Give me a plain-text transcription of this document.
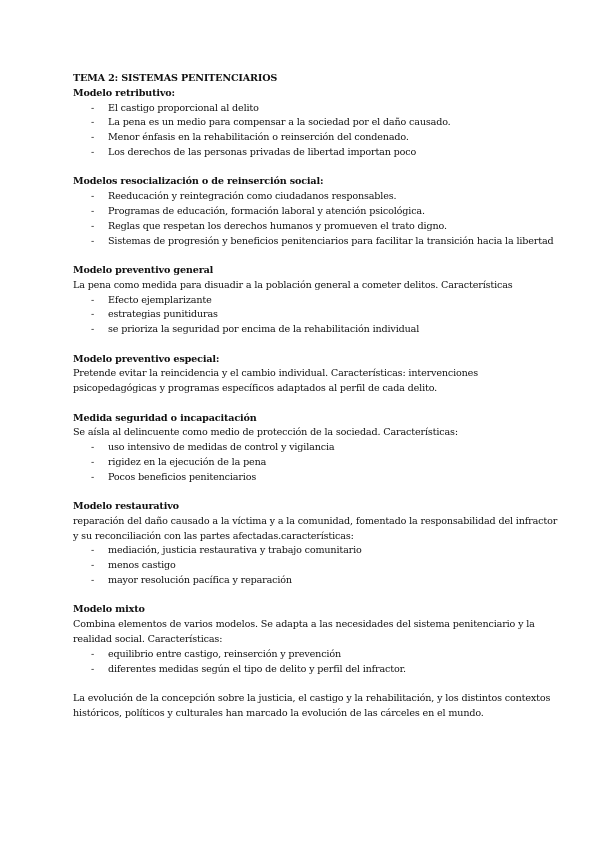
TEMA 2: SISTEMAS PENITENCIARIOS
Modelo retributivo:
- El castigo proporcional al delito
- La pena es un medio para compensar a la sociedad por el daño causado.
- Menor énfasis en la rehabilitación o reinserción del condenado.
- Los derechos de las personas privadas de libertad importan poco
Modelos resocialización o de reinserción social:
- Reeducación y reintegración como ciudadanos responsables.
- Programas de educación, formación laboral y atención psicológica.
- Reglas que respetan los derechos humanos y promueven el trato digno.
- Sistemas de progresión y beneficios penitenciarios para facilitar la transición hacia la libertad
Modelo preventivo general
La pena como medida para disuadir a la población general a cometer delitos. Características
- Efecto ejemplarizante
- estrategias punitiduras
- se prioriza la seguridad por encima de la rehabilitación individual
Modelo preventivo especial:
Pretende evitar la reincidencia y el cambio individual. Características: intervenciones
psicopedagógicas y programas específicos adaptados al perfil de cada delito.
Medida seguridad o incapacitación
Se aísla al delincuente como medio de protección de la sociedad. Características:
- uso intensivo de medidas de control y vigilancia
- rigidez en la ejecución de la pena
- Pocos beneficios penitenciarios
Modelo restaurativo
reparación del daño causado a la víctima y a la comunidad, fomentado la responsabilidad del infractor
y su reconciliación con las partes afectadas.características:
- mediación, justicia restaurativa y trabajo comunitario
- menos castigo
- mayor resolución pacífica y reparación
Modelo mixto
Combina elementos de varios modelos. Se adapta a las necesidades del sistema penitenciario y la
realidad social. Características:
- equilibrio entre castigo, reinserción y prevención
- diferentes medidas según el tipo de delito y perfil del infractor.
La evolución de la concepción sobre la justicia, el castigo y la rehabilitación, y los distintos contextos
históricos, políticos y culturales han marcado la evolución de las cárceles en el mundo.
